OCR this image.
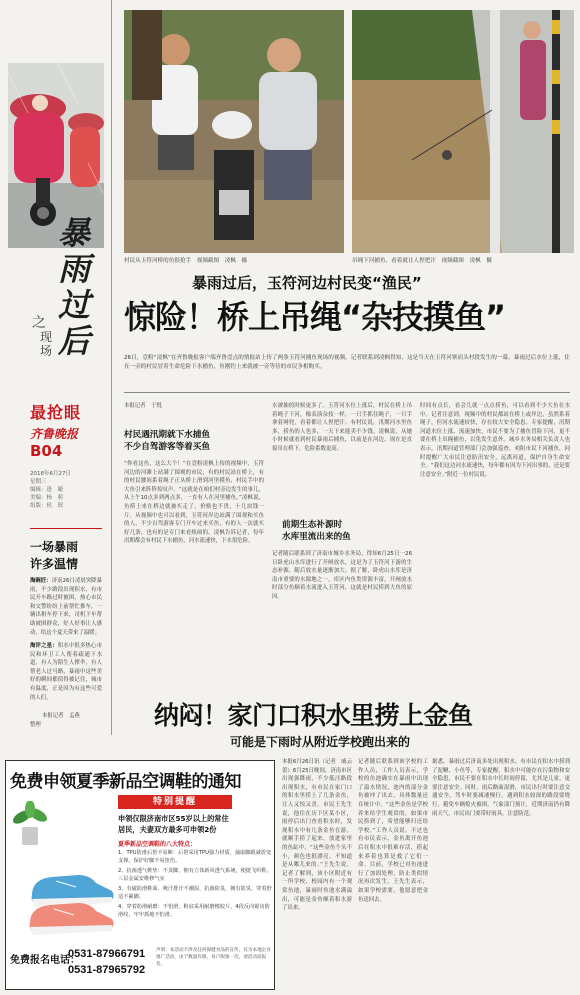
暴
雨
过
后
之
现场
最抢眼
齐鲁晚报
B04
2018年6月27日
星期三
编辑：逢　婕
美编：杨　莉
组版：侯　珉
一场暴雨
许多温情
淘碗匠：济南26日凌晨突降暴雨，不少路段出现积水，有市民开车路过时被困，热心市民和交警纷纷上前帮忙推车，一辆出租车停下来，司机下车帮助被困群众，好人好事让人感动，给这个夏天带来了温暖。
淘评之星：积水中很多热心市民和环卫工人帮着疏通下水道，有人为陌生人撑伞，有人帮老人过马路，暴雨中这些美好的瞬间都值得被记住，城市有温度，正是因为有这些可爱的人们。
本报记者　孟燕
整理
村民从玉符河桥的鱼很抢手　视频截图　凌枫　摄	吊绳下河捕鱼，看着就让人捏把汗　视频截图　凌枫　摄
暴雨过后，玉符河边村民变“渔民”
惊险！桥上吊绳“杂技摸鱼”
26日，壹粉“凌枫”在齐鲁晚报客户端齐鲁壹点的情报站上传了两条玉符河捕鱼现场的视频，记者联系到凌枫得知，这是当天在玉符河寨而头村段发生的一幕，暴雨过后水位上涨，住在一旁的村民冒着生命危险下水捕鱼，鱼刚钓上来就被一旁等待的市民争相购买。
本报记者　于悦
村民遇汛期就下水捕鱼
不少自驾游客等着买鱼
“你看这鱼，这么大个！”在壹粉凌枫上传的视频中，玉符河边的河滩上站满了围观的市民，有的村民站在桥上，有的村民腰间系着绳子正从桥上滑到河里摸鱼，村民手中的大鱼引来阵阵惊叹声。“这就是在咱们村旁边发生的事儿，从上午10点多到两点多，一直有人在河里捕鱼。”凌枫说，鱼捞上来在桥边就被买走了，价格也不贵，十几块钱一斤。从视频中也可以看到，玉符河岸边站满了围观和买鱼的人，不少自驾游客专门开车过来买鱼，有的人一次就买好几条，也有的是专门来看热闹的。凌枫告诉记者，每年汛期都会有村民下水捕鱼，河水流速快，下水很危险。
水被抽的时候更多了。玉符河水位上涨后，村民在桥上吊着绳子下河，像表演杂技一样，一只手抓住绳子，一只手拿着网兜，看着都让人捏把汗。有村民说，汛期河水里鱼多，捞鱼的人也多，一天下来能卖不少钱。凌枫说，从她小时候就看到村民暴雨后捕鱼，以前是在河边，现在是直接吊在桥下，危险系数更高。
前期生态补源时
水库里流出来的鱼
记者随后联系到了济南市城乡水务局，得知6月25日一26日卧虎山水库进行了开闸放水，这是为了玉符河下游的生态补源，随后放水量逐渐加大。据了解，卧虎山水库是济南市重要的水源地之一，库区内鱼类资源丰富，开闸放水时部分鱼顺着水流进入玉符河，这就是村民捞到大鱼的原因。
时间有点长，看会儿就一点点捞鱼，可以看到不少大鱼在水中。记者注意到，视频中的村民都站在桥上或岸边，虽然系着绳子，但河水流速较快，存在较大安全隐患。专家提醒，汛期河道水位上涨、流速加快，市民不要为了捕鱼冒险下河，更不要在桥上吊绳捕鱼，以免发生意外。城乡水务局相关负责人也表示，汛期河道管理部门会加强巡查，劝阻市民下河捕鱼，同时提醒广大市民注意防汛安全，远离河道，保护自身生命安全。“我们这边河水流速快，每年都有因为下河出事的，还是要注意安全。”附近一位村民说。
纳闷！家门口积水里捞上金鱼
可能是下雨时从附近学校跑出来的
本报6月26日讯（记者　戚云蕾）6月25日晚间，济南市区出现强降雨，不少低洼路段出现积水，有市民在家门口的积水里捞上了几条金鱼，让人又惊又喜。市民王先生说，他住在历下区某小区，雨停后出门查看积水时，发现积水中有几条金鱼在游，就顺手捞了起来，放进家里的鱼缸中。“这些金鱼个头不小，颜色也很漂亮，不知道是从哪儿来的。”王先生说。记者了解到，该小区附近有一所学校，校园内有一个观赏鱼池，暴雨时鱼池水满溢出，可能是金鱼顺着积水游了出来。
记者随后联系到该学校的工作人员，工作人员表示，学校的鱼池确实在暴雨中出现了溢水情况，池内的部分金鱼被冲了出去，具体数量还在统计中。“这些金鱼是学校养来给学生观赏的，如果市民捞到了，希望能够归还给学校。”工作人员说。不过也有市民表示，金鱼离开鱼池后在积水中很难存活，捞起来养着也算是救了它们一命。目前，学校已对鱼池进行了加固处理，防止类似情况再次发生。王先生表示，如果学校需要，他愿意把金鱼送回去。
据悉，暴雨过后济南多处出现积水，有市民在积水中捞到了泥鳅、小鱼等，专家提醒，积水中可能存在污染物和安全隐患，市民不要在积水中长时间停留，尤其是儿童，更要注意安全。同时，雨后路面湿滑，市民出行时要注意交通安全，驾车时要减速慢行，遇到积水较深的路段要绕行，避免车辆熄火被困。气象部门预计，近期济南仍有降雨天气，市民出门要带好雨具，注意防范。
免费申领夏季新品空调鞋的通知
特别提醒
申领仅限济南市区55岁以上的常住
居民，夫妻双方最多可申领2份
夏季新品空调鞋的八大特点：
1、TPU防滑后帮不易断：后帮采用TPU强力材质，抽取脚跟减震变支撑，保护好脚不易扭伤。
2、抗菌透气鞋垫：不臭脚，拥有立体新风透气系统，便捷飞织鞋，三层金属安维修气室
3、有磁防滑鞋面，吸汗排汗不潮湿，抗菌防臭，拥有防臭，穿着舒适不累脚。
4、穿着防滑耐磨：不怕滑，鞋底采用耐磨橡胶片，4段反向锯齿防滑纹，牢牢抓地不怕滑。
免费报名电话：
0531-87966791
0531-87965792
声明：本活动不涉及任何保健食品的宣传，仅为本地企业推广活动，由于数量有限，每户限领一次，请活动前报名。
